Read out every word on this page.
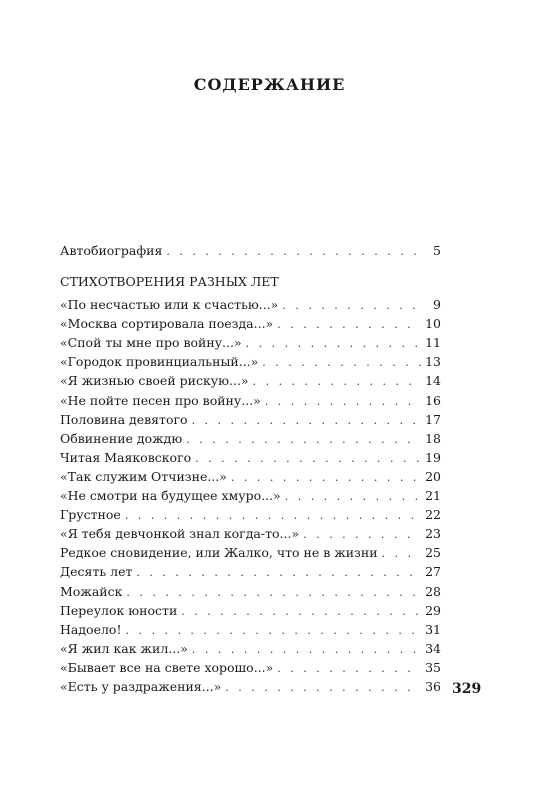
СОДЕРЖАНИЕ
Автобиография . . .	5
СТИХОТВОРЕНИЯ РАЗНЫХ ЛЕТ
«По несчастью или к счастью...» . . .	9
«Москва сортировала поезда...» . . .	10
«Спой ты мне про войну...» . . .	11
«Городок провинциальный...» . . .	13
«Я жизнью своей рискую...» . . .	14
«Не пойте песен про войну...» . . .	16
Половина девятого . . .	17
Обвинение дождю . . .	18
Читая Маяковского . . .	19
«Так служим Отчизне...» . . .	20
«Не смотри на будущее хмуро...» . . .	21
Грустное . . .	22
«Я тебя девчонкой знал когда-то...» . . .	23
Редкое сновидение, или Жалко, что не в жизни . . .	25
Десять лет . . .	27
Можайск . . .	28
Переулок юности . . .	29
Надоело! . . .	31
«Я жил как жил...» . . .	34
«Бывает все на свете хорошо...» . . .	35
«Есть у раздражения...» . . .	36 329
